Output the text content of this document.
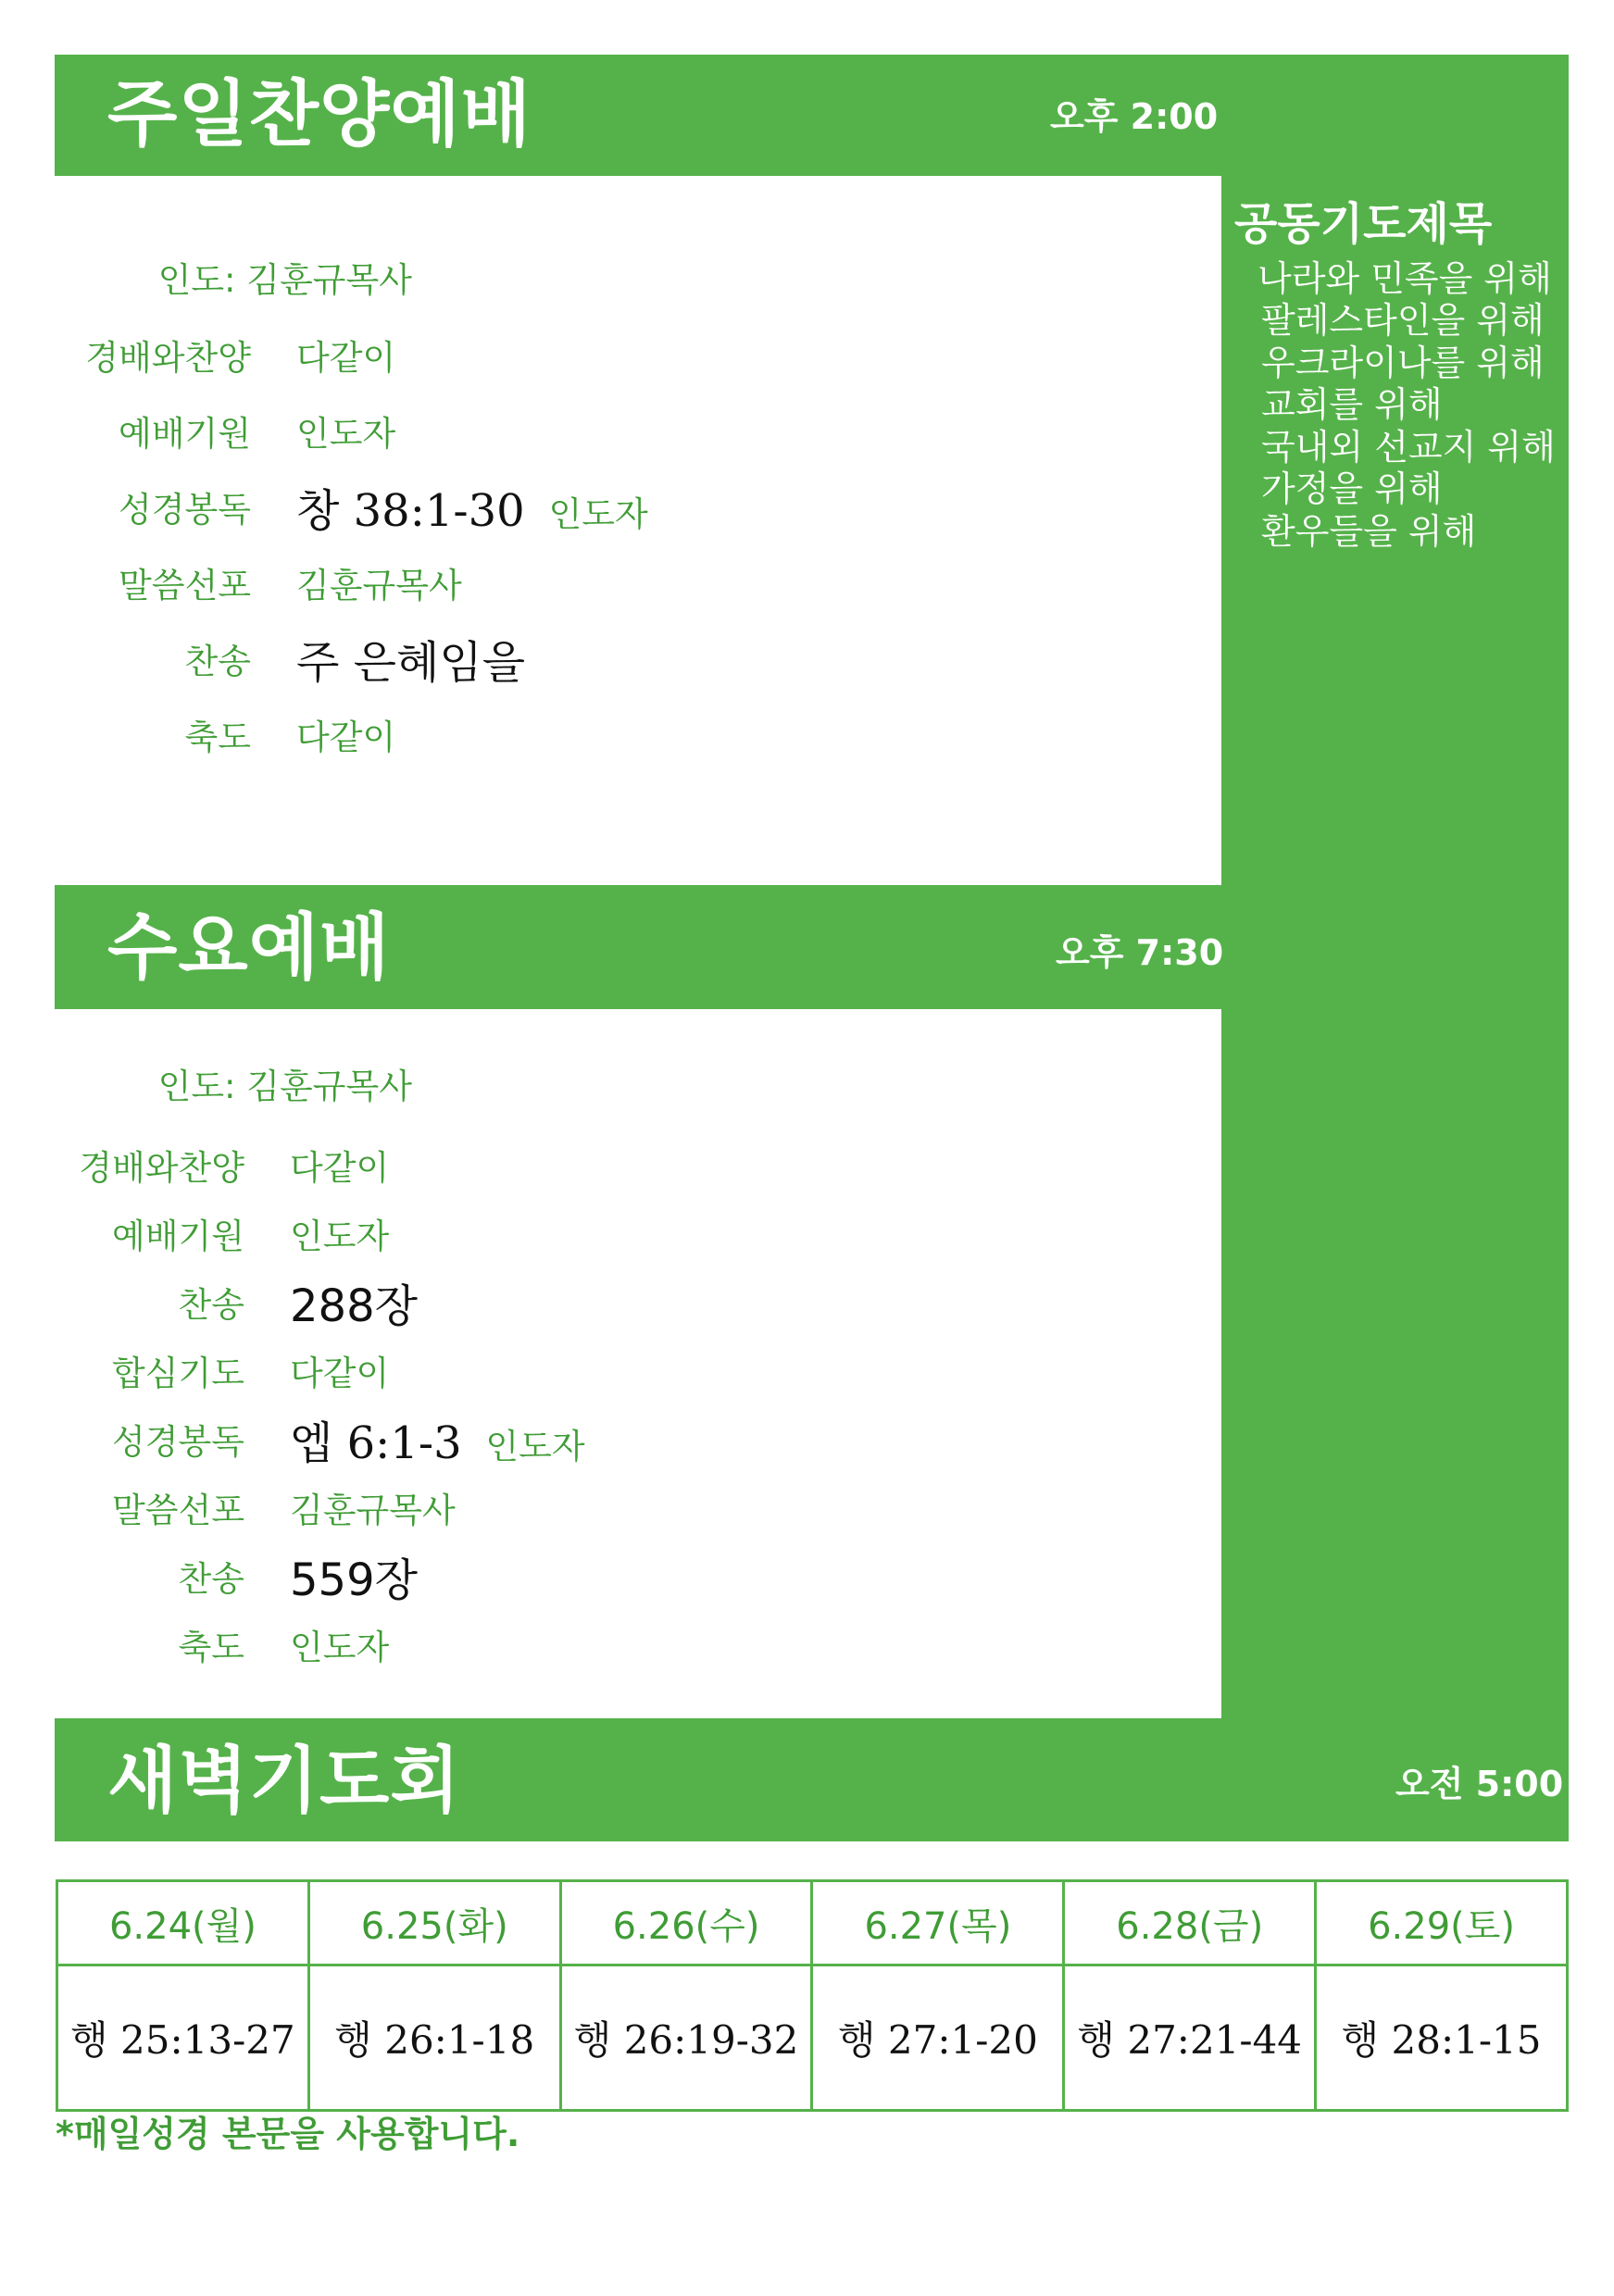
주일찬양예배	오후 2:00
수요예배	오후 7:30
새벽기도회	오전 5:00
공동기도제목
나라와 민족을 위해
팔레스타인을 위해
우크라이나를 위해
교회를 위해
국내외 선교지 위해
가정을 위해
환우들을 위해
인도: 김훈규목사
경배와찬양	다같이
예배기원	인도자
성경봉독	창 38:1-30 인도자
말씀선포	김훈규목사
찬송	주 은혜임을
축도	다같이
인도: 김훈규목사
경배와찬양	다같이
예배기원	인도자
찬송	288장
합심기도	다같이
성경봉독	엡 6:1-3 인도자
말씀선포	김훈규목사
찬송	559장
축도	인도자
6.24(월)	6.25(화)	6.26(수)	6.27(목)	6.28(금)	6.29(토)
행 25:13-27	행 26:1-18	행 26:19-32	행 27:1-20	행 27:21-44	행 28:1-15
*매일성경 본문을 사용합니다.
